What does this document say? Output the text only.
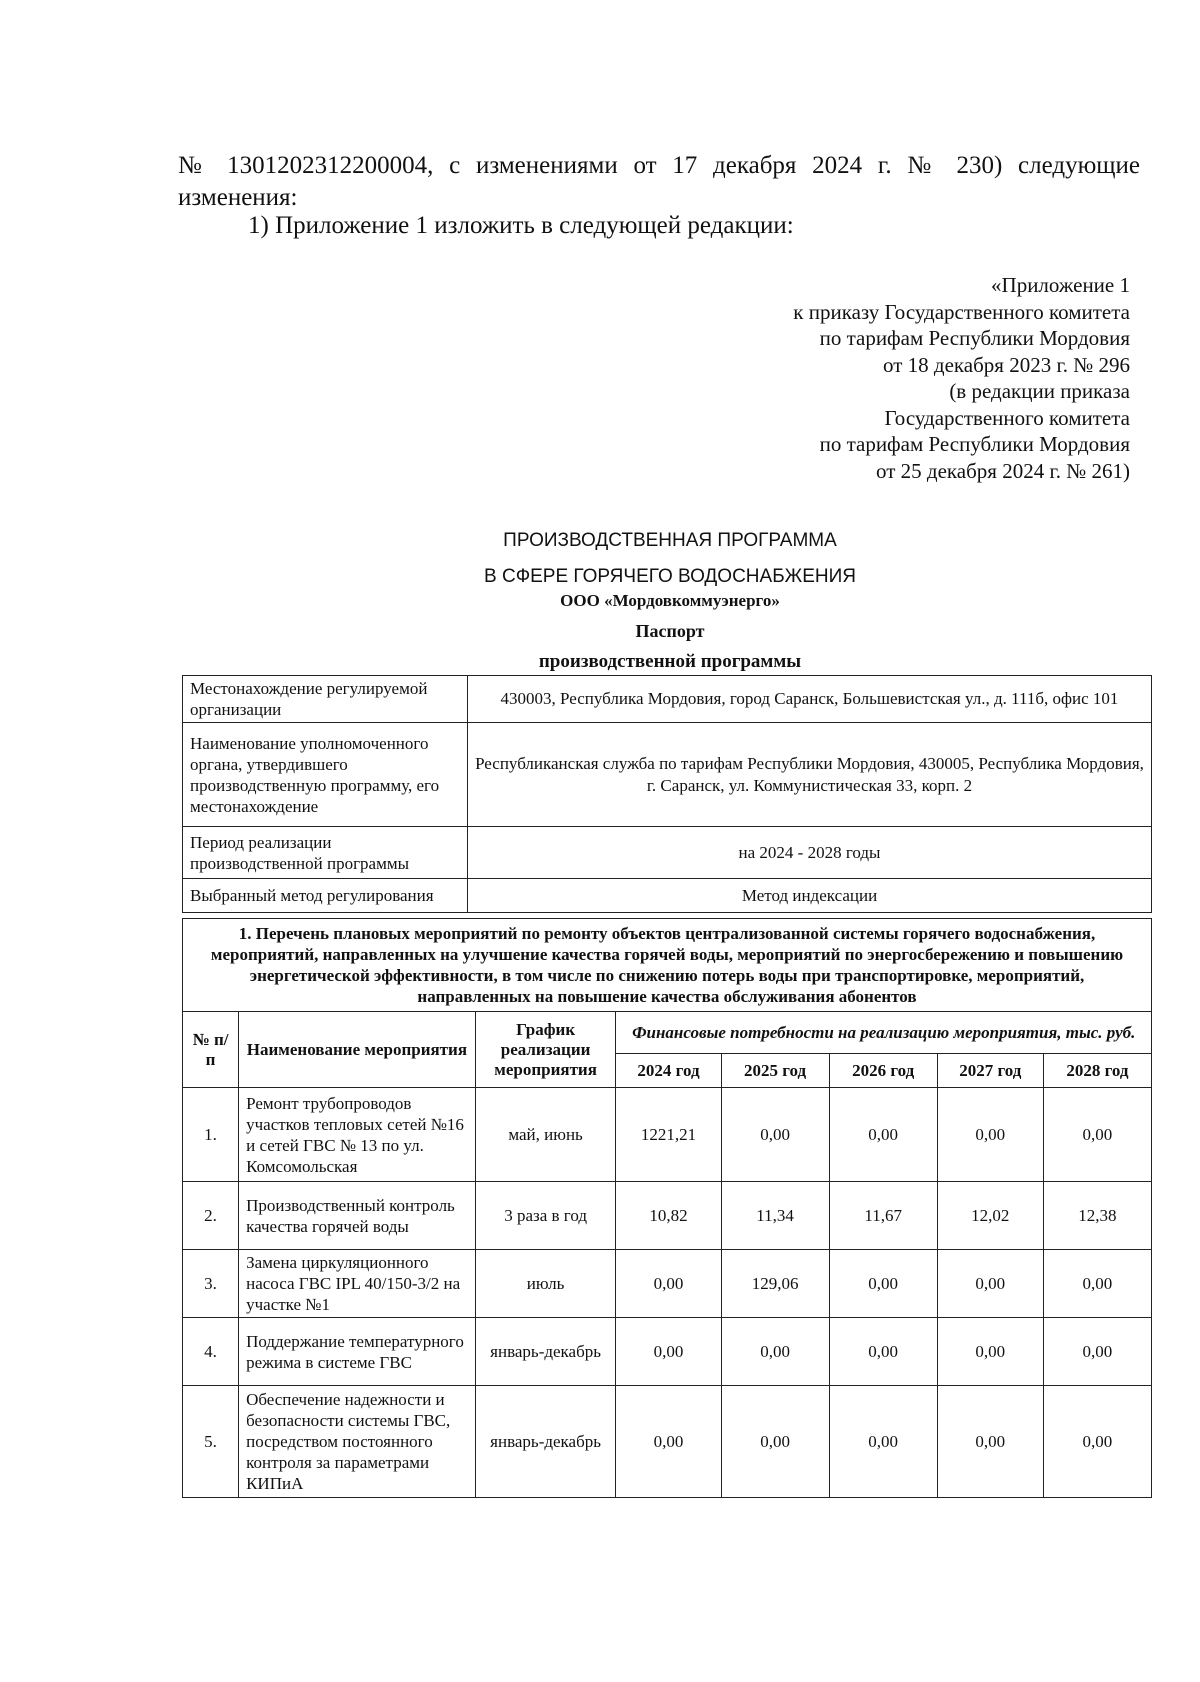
№ 1301202312200004, с изменениями от 17 декабря 2024 г. № 230) следующие изменения:
1) Приложение 1 изложить в следующей редакции:
«Приложение 1
к приказу Государственного комитета
по тарифам Республики Мордовия
от 18 декабря 2023 г. № 296
(в редакции приказа
Государственного комитета
по тарифам Республики Мордовия
от 25 декабря 2024 г. № 261)
ПРОИЗВОДСТВЕННАЯ ПРОГРАММА
В СФЕРЕ ГОРЯЧЕГО ВОДОСНАБЖЕНИЯ
ООО «Мордовкоммуэнерго»
Паспорт
производственной программы
Местонахождение регулируемой организации	430003, Республика Мордовия, город Саранск, Большевистская ул., д. 111б, офис 101
Наименование уполномоченного органа, утвердившего производственную программу, его местонахождение	Республиканская служба по тарифам Республики Мордовия, 430005, Республика Мордовия, г. Саранск, ул. Коммунистическая 33, корп. 2
Период реализации производственной программы	на 2024 - 2028 годы
Выбранный метод регулирования	Метод индексации
1. Перечень плановых мероприятий по ремонту объектов централизованной системы горячего водоснабжения, мероприятий, направленных на улучшение качества горячей воды, мероприятий по энергосбережению и повышению энергетической эффективности, в том числе по снижению потерь воды при транспортировке, мероприятий, направленных на повышение качества обслуживания абонентов							
№ п/п	Наименование мероприятия	График реализации мероприятия	Финансовые потребности на реализацию мероприятия, тыс. руб.				
			2024 год	2025 год	2026 год	2027 год	2028 год
1.	Ремонт трубопроводов участков тепловых сетей №16 и сетей ГВС № 13 по ул. Комсомольская	май, июнь	1221,21	0,00	0,00	0,00	0,00
2.	Производственный контроль качества горячей воды	3 раза в год	10,82	11,34	11,67	12,02	12,38
3.	Замена циркуляционного насоса ГВС IPL 40/150-3/2 на участке №1	июль	0,00	129,06	0,00	0,00	0,00
4.	Поддержание температурного режима в системе ГВС	январь-декабрь	0,00	0,00	0,00	0,00	0,00
5.	Обеспечение надежности и безопасности системы ГВС, посредством постоянного контроля за параметрами КИПиА	январь-декабрь	0,00	0,00	0,00	0,00	0,00
